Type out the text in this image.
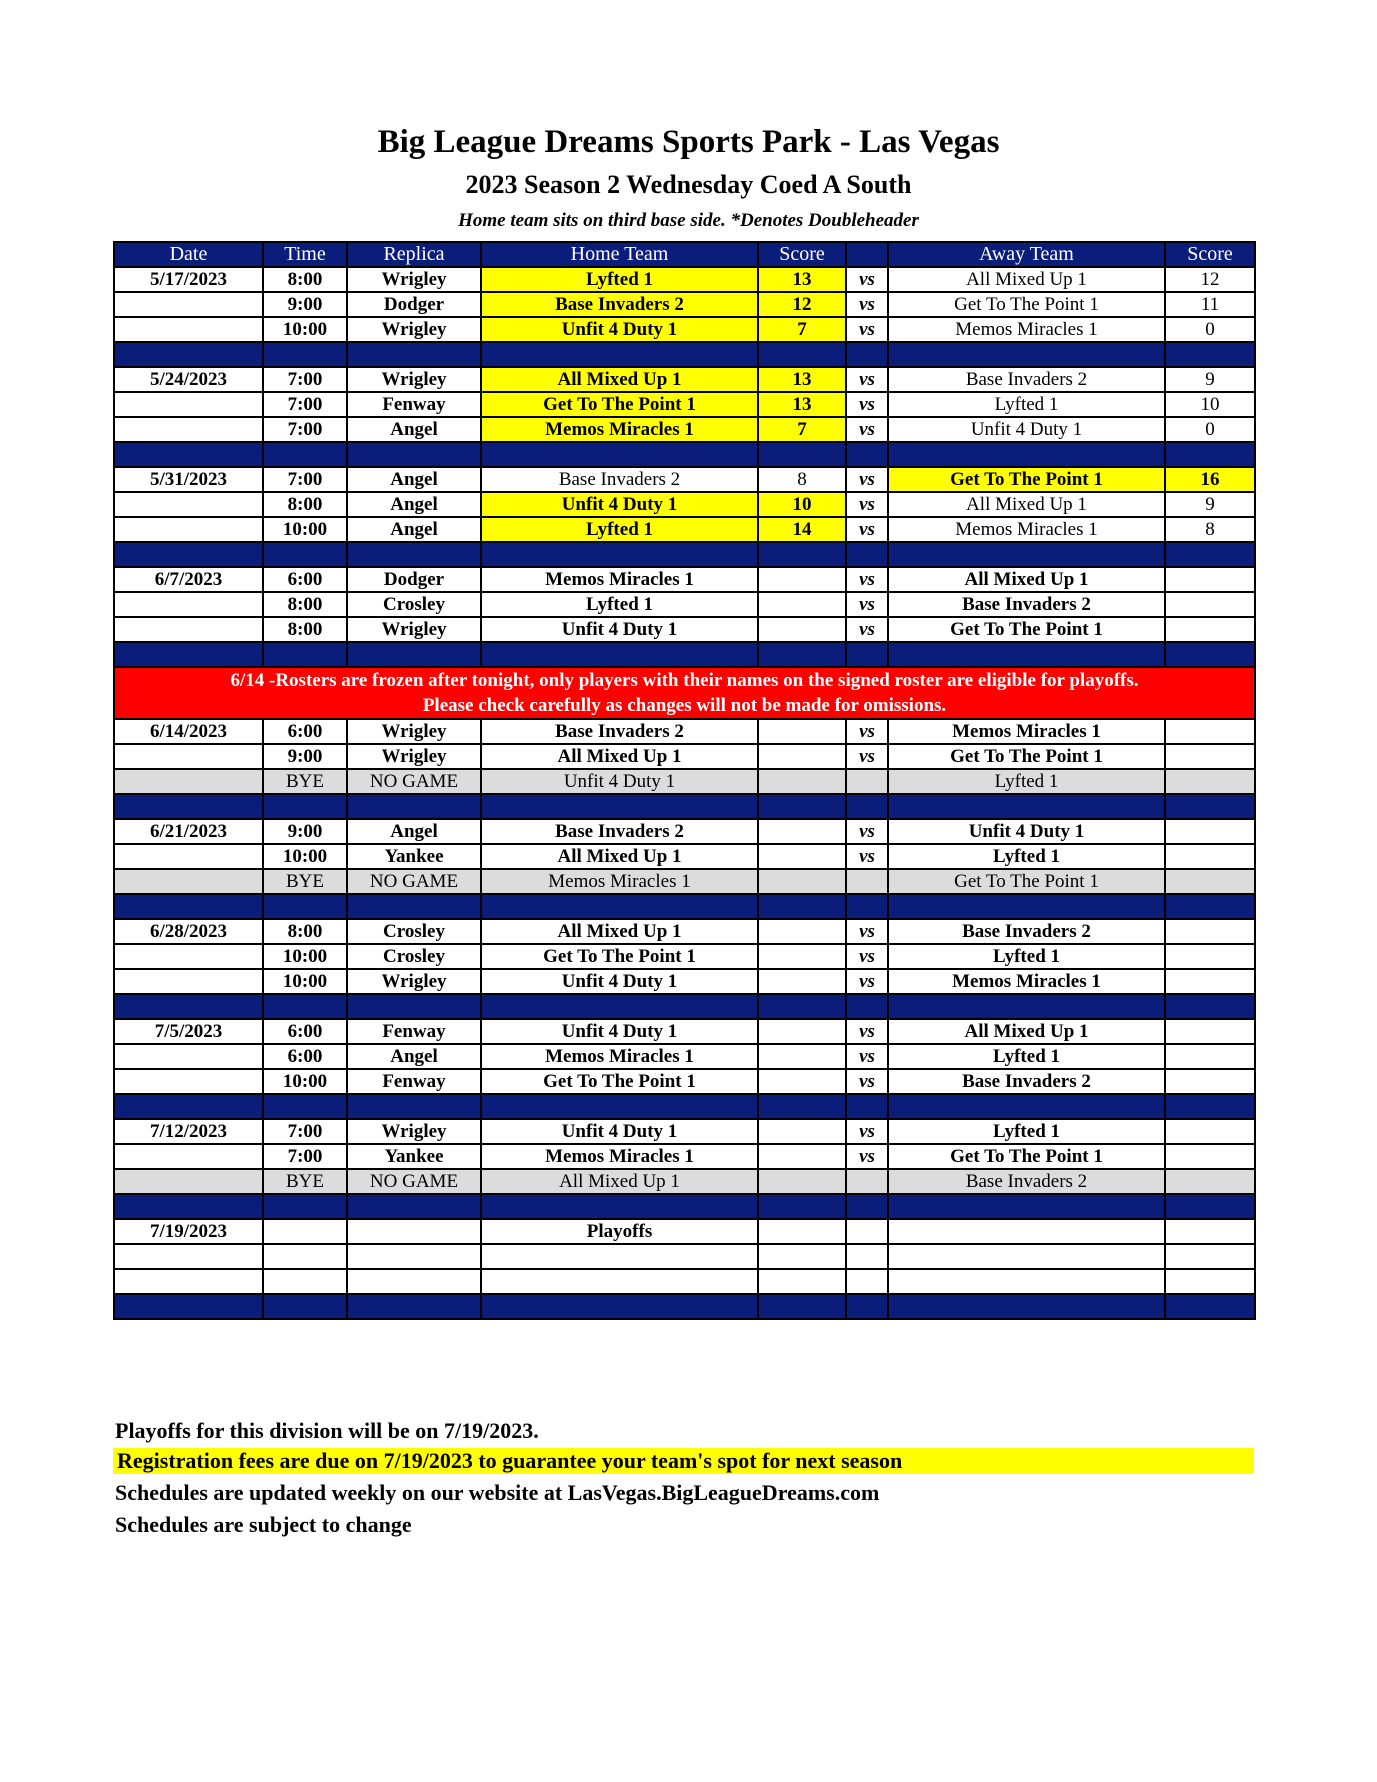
Big League Dreams Sports Park - Las Vegas
2023 Season 2 Wednesday Coed A South
Home team sits on third base side. *Denotes Doubleheader
Date	Time	Replica	Home Team	Score		Away Team	Score
5/17/2023	8:00	Wrigley	Lyfted 1	13	vs	All Mixed Up 1	12
	9:00	Dodger	Base Invaders 2	12	vs	Get To The Point 1	11
	10:00	Wrigley	Unfit 4 Duty 1	7	vs	Memos Miracles 1	0

5/24/2023	7:00	Wrigley	All Mixed Up 1	13	vs	Base Invaders 2	9
	7:00	Fenway	Get To The Point 1	13	vs	Lyfted 1	10
	7:00	Angel	Memos Miracles 1	7	vs	Unfit 4 Duty 1	0

5/31/2023	7:00	Angel	Base Invaders 2	8	vs	Get To The Point 1	16
	8:00	Angel	Unfit 4 Duty 1	10	vs	All Mixed Up 1	9
	10:00	Angel	Lyfted 1	14	vs	Memos Miracles 1	8

6/7/2023	6:00	Dodger	Memos Miracles 1		vs	All Mixed Up 1	
	8:00	Crosley	Lyfted 1		vs	Base Invaders 2	
	8:00	Wrigley	Unfit 4 Duty 1		vs	Get To The Point 1	

6/14 -Rosters are frozen after tonight, only players with their names on the signed roster are eligible for playoffs.
Please check carefully as changes will not be made for omissions.							

6/14/2023	6:00	Wrigley	Base Invaders 2		vs	Memos Miracles 1	
	9:00	Wrigley	All Mixed Up 1		vs	Get To The Point 1	
	BYE	NO GAME	Unfit 4 Duty 1			Lyfted 1	

6/21/2023	9:00	Angel	Base Invaders 2		vs	Unfit 4 Duty 1	
	10:00	Yankee	All Mixed Up 1		vs	Lyfted 1	
	BYE	NO GAME	Memos Miracles 1			Get To The Point 1	

6/28/2023	8:00	Crosley	All Mixed Up 1		vs	Base Invaders 2	
	10:00	Crosley	Get To The Point 1		vs	Lyfted 1	
	10:00	Wrigley	Unfit 4 Duty 1		vs	Memos Miracles 1	

7/5/2023	6:00	Fenway	Unfit 4 Duty 1		vs	All Mixed Up 1	
	6:00	Angel	Memos Miracles 1		vs	Lyfted 1	
	10:00	Fenway	Get To The Point 1		vs	Base Invaders 2	

7/12/2023	7:00	Wrigley	Unfit 4 Duty 1		vs	Lyfted 1	
	7:00	Yankee	Memos Miracles 1		vs	Get To The Point 1	
	BYE	NO GAME	All Mixed Up 1			Base Invaders 2	

7/19/2023			Playoffs				

Playoffs for this division will be on 7/19/2023.
Registration fees are due on 7/19/2023 to guarantee your team's spot for next season
Schedules are updated weekly on our website at LasVegas.BigLeagueDreams.com
Schedules are subject to change
